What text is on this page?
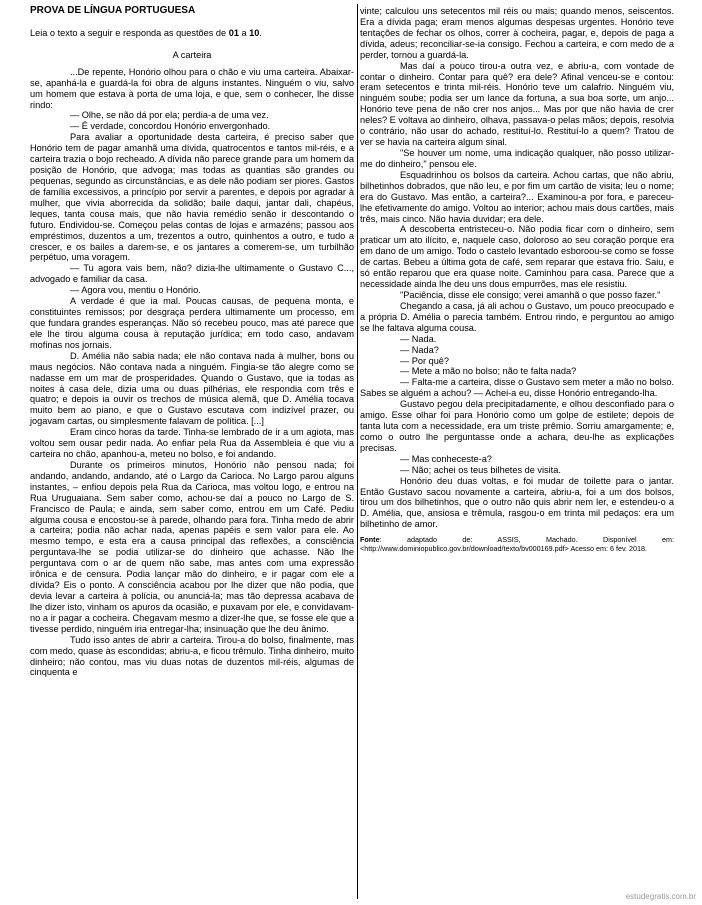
PROVA DE LÍNGUA PORTUGUESA
Leia o texto a seguir e responda as questões de 01 a 10.
A carteira

...De repente, Honório olhou para o chão e viu uma carteira. Abaixar-se, apanhá-la e guardá-la foi obra de alguns instantes. Ninguém o viu, salvo um homem que estava à porta de uma loja, e que, sem o conhecer, lhe disse rindo:

— Olhe, se não dá por ela; perdia-a de uma vez.

— É verdade, concordou Honório envergonhado.

Para avaliar a oportunidade desta carteira, é preciso saber que Honório tem de pagar amanhã uma dívida, quatrocentos e tantos mil-réis, e a carteira trazia o bojo recheado. A dívida não parece grande para um homem da posição de Honório, que advoga; mas todas as quantias são grandes ou pequenas, segundo as circunstâncias, e as dele não podiam ser piores. Gastos de família excessivos, a princípio por servir a parentes, e depois por agradar à mulher, que vivia aborrecida da solidão; baile daqui, jantar dali, chapéus, leques, tanta cousa mais, que não havia remédio senão ir descontando o futuro. Endividou-se. Começou pelas contas de lojas e armazéns; passou aos empréstimos, duzentos a um, trezentos a outro, quinhentos a outro, e tudo a crescer, e os bailes a darem-se, e os jantares a comerem-se, um turbilhão perpétuo, uma voragem.

— Tu agora vais bem, não? dizia-lhe ultimamente o Gustavo C..., advogado e familiar da casa.

— Agora vou, mentiu o Honório.

A verdade é que ia mal. Poucas causas, de pequena monta, e constituintes remissos; por desgraça perdera ultimamente um processo, em que fundara grandes esperanças. Não só recebeu pouco, mas até parece que ele lhe tirou alguma cousa à reputação jurídica; em todo caso, andavam mofinas nos jornais.

D. Amélia não sabia nada; ele não contava nada à mulher, bons ou maus negócios. Não contava nada a ninguém. Fingia-se tão alegre como se nadasse em um mar de prosperidades. Quando o Gustavo, que ia todas as noites à casa dele, dizia uma ou duas pilhérias, ele respondia com três e quatro; e depois ia ouvir os trechos de música alemã, que D. Amélia tocava muito bem ao piano, e que o Gustavo escutava com indizível prazer, ou jogavam cartas, ou simplesmente falavam de política. [...]

Eram cinco horas da tarde. Tinha-se lembrado de ir a um agiota, mas voltou sem ousar pedir nada. Ao enfiar pela Rua da Assembleia é que viu a carteira no chão, apanhou-a, meteu no bolso, e foi andando.

Durante os primeiros minutos, Honório não pensou nada; foi andando, andando, andando, até o Largo da Carioca. No Largo parou alguns instantes, – enfiou depois pela Rua da Carioca, mas voltou logo, e entrou na Rua Uruguaiana. Sem saber como, achou-se daí a pouco no Largo de S. Francisco de Paula; e ainda, sem saber como, entrou em um Café. Pediu alguma cousa e encostou-se à parede, olhando para fora. Tinha medo de abrir a carteira; podia não achar nada, apenas papéis e sem valor para ele. Ao mesmo tempo, e esta era a causa principal das reflexões, a consciência perguntava-lhe se podia utilizar-se do dinheiro que achasse. Não lhe perguntava com o ar de quem não sabe, mas antes com uma expressão irônica e de censura. Podia lançar mão do dinheiro, e ir pagar com ele a dívida? Eis o ponto. A consciência acabou por lhe dizer que não podia, que devia levar a carteira à polícia, ou anunciá-la; mas tão depressa acabava de lhe dizer isto, vinham os apuros da ocasião, e puxavam por ele, e convidavam-no a ir pagar a cocheira. Chegavam mesmo a dizer-lhe que, se fosse ele que a tivesse perdido, ninguém iria entregar-lha; insinuação que lhe deu ânimo.

Tudo isso antes de abrir a carteira. Tirou-a do bolso, finalmente, mas com medo, quase às escondidas; abriu-a, e ficou trêmulo. Tinha dinheiro, muito dinheiro; não contou, mas viu duas notas de duzentos mil-réis, algumas de cinquenta e

vinte; calculou uns setecentos mil réis ou mais; quando menos, seiscentos. Era a dívida paga; eram menos algumas despesas urgentes. Honório teve tentações de fechar os olhos, correr à cocheira, pagar, e, depois de paga a dívida, adeus; reconciliar-se-ia consigo. Fechou a carteira, e com medo de a perder, tornou a guardá-la.

Mas daí a pouco tirou-a outra vez, e abriu-a, com vontade de contar o dinheiro. Contar para quê? era dele? Afinal venceu-se e contou: eram setecentos e trinta mil-réis. Honório teve um calafrio. Ninguém viu, ninguém soube; podia ser um lance da fortuna, a sua boa sorte, um anjo... Honório teve pena de não crer nos anjos... Mas por que não havia de crer neles? E voltava ao dinheiro, olhava, passava-o pelas mãos; depois, resolvia o contrário, não usar do achado, restituí-lo. Restituí-lo a quem? Tratou de ver se havia na carteira algum sinal.

"Se houver um nome, uma indicação qualquer, não posso utilizar-me do dinheiro," pensou ele.

Esquadrinhou os bolsos da carteira. Achou cartas, que não abriu, bilhetinhos dobrados, que não leu, e por fim um cartão de visita; leu o nome; era do Gustavo. Mas então, a carteira?... Examinou-a por fora, e pareceu-lhe efetivamente do amigo. Voltou ao interior; achou mais dous cartões, mais três, mais cinco. Não havia duvidar; era dele.

A descoberta entristeceu-o. Não podia ficar com o dinheiro, sem praticar um ato ilícito, e, naquele caso, doloroso ao seu coração porque era em dano de um amigo. Todo o castelo levantado esboroou-se como se fosse de cartas. Bebeu a última gota de café, sem reparar que estava frio. Saiu, e só então reparou que era quase noite. Caminhou para casa. Parece que a necessidade ainda lhe deu uns dous empurrões, mas ele resistiu.

"Paciência, disse ele consigo; verei amanhã o que posso fazer."

Chegando a casa, já ali achou o Gustavo, um pouco preocupado e a própria D. Amélia o parecia também. Entrou rindo, e perguntou ao amigo se lhe faltava alguma cousa.

— Nada.

— Nada?

— Por quê?

— Mete a mão no bolso; não te falta nada?

— Falta-me a carteira, disse o Gustavo sem meter a mão no bolso. Sabes se alguém a achou? — Achei-a eu, disse Honório entregando-lha.

Gustavo pegou dela precipitadamente, e olhou desconfiado para o amigo. Esse olhar foi para Honório como um golpe de estilete; depois de tanta luta com a necessidade, era um triste prêmio. Sorriu amargamente; e, como o outro lhe perguntasse onde a achara, deu-lhe as explicações precisas.

— Mas conheceste-a?

— Não; achei os teus bilhetes de visita.

Honório deu duas voltas, e foi mudar de toilette para o jantar. Então Gustavo sacou novamente a carteira, abriu-a, foi a um dos bolsos, tirou um dos bilhetinhos, que o outro não quis abrir nem ler, e estendeu-o a D. Amélia, que, ansiosa e trêmula, rasgou-o em trinta mil pedaços: era um bilhetinho de amor.

Fonte: adaptado de: ASSIS, Machado. Disponível em: <http://www.dominiopublico.gov.br/download/texto/bv000169.pdf> Acesso em: 6 fev. 2018.
estudegratis.com.br
